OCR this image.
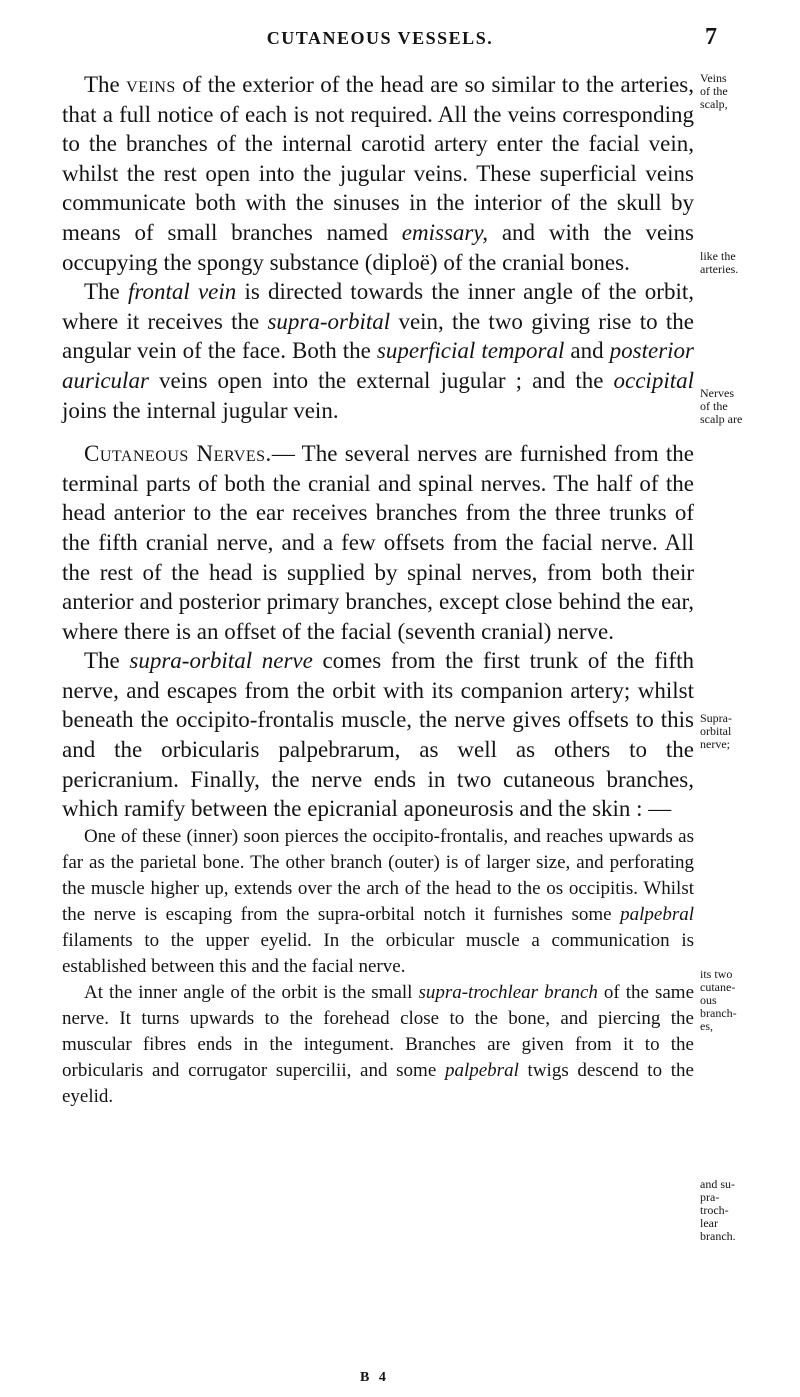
CUTANEOUS VESSELS.	7

The veins of the exterior of the head are so similar to the arteries, that a full notice of each is not required. All the veins corresponding to the branches of the internal carotid artery enter the facial vein, whilst the rest open into the jugular veins. These superficial veins communicate both with the sinuses in the interior of the skull by means of small branches named emissary, and with the veins occupying the spongy substance (diploë) of the cranial bones.

The frontal vein is directed towards the inner angle of the orbit, where it receives the supra-orbital vein, the two giving rise to the angular vein of the face. Both the superficial temporal and posterior auricular veins open into the external jugular ; and the occipital joins the internal jugular vein.

Cutaneous Nerves.— The several nerves are furnished from the terminal parts of both the cranial and spinal nerves. The half of the head anterior to the ear receives branches from the three trunks of the fifth cranial nerve, and a few offsets from the facial nerve. All the rest of the head is supplied by spinal nerves, from both their anterior and posterior primary branches, except close behind the ear, where there is an offset of the facial (seventh cranial) nerve.

The supra-orbital nerve comes from the first trunk of the fifth nerve, and escapes from the orbit with its companion artery; whilst beneath the occipito-frontalis muscle, the nerve gives offsets to this and the orbicularis palpebrarum, as well as others to the pericranium. Finally, the nerve ends in two cutaneous branches, which ramify between the epicranial aponeurosis and the skin : —

One of these (inner) soon pierces the occipito-frontalis, and reaches upwards as far as the parietal bone. The other branch (outer) is of larger size, and perforating the muscle higher up, extends over the arch of the head to the os occipitis. Whilst the nerve is escaping from the supra-orbital notch it furnishes some palpebral filaments to the upper eyelid. In the orbicular muscle a communication is established between this and the facial nerve.

At the inner angle of the orbit is the small supra-trochlear branch of the same nerve. It turns upwards to the forehead close to the bone, and piercing the muscular fibres ends in the integument. Branches are given from it to the orbicularis and corrugator supercilii, and some palpebral twigs descend to the eyelid.

Veins
of the
scalp,
like the
arteries.
Nerves
of the
scalp are
Supra-
orbital
nerve;
its two
cutane-
ous
branch-
es,
and su-
pra-
troch-
lear
branch.
B 4
